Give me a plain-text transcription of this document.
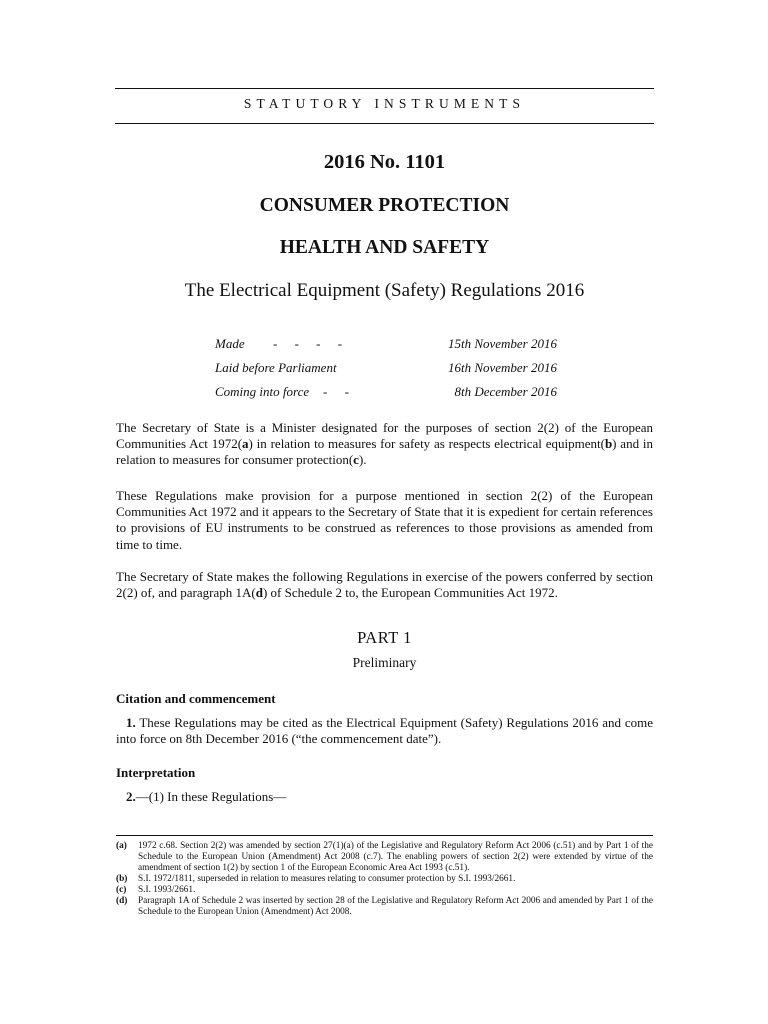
STATUTORY INSTRUMENTS
2016 No. 1101
CONSUMER PROTECTION
HEALTH AND SAFETY
The Electrical Equipment (Safety) Regulations 2016
Made - - - -	15th November 2016
Laid before Parliament	16th November 2016
Coming into force - -	8th December 2016
The Secretary of State is a Minister designated for the purposes of section 2(2) of the European Communities Act 1972(a) in relation to measures for safety as respects electrical equipment(b) and in relation to measures for consumer protection(c).
These Regulations make provision for a purpose mentioned in section 2(2) of the European Communities Act 1972 and it appears to the Secretary of State that it is expedient for certain references to provisions of EU instruments to be construed as references to those provisions as amended from time to time.
The Secretary of State makes the following Regulations in exercise of the powers conferred by section 2(2) of, and paragraph 1A(d) of Schedule 2 to, the European Communities Act 1972.
PART 1
Preliminary
Citation and commencement
1. These Regulations may be cited as the Electrical Equipment (Safety) Regulations 2016 and come into force on 8th December 2016 (“the commencement date”).
Interpretation
2.—(1) In these Regulations—
(a) 1972 c.68. Section 2(2) was amended by section 27(1)(a) of the Legislative and Regulatory Reform Act 2006 (c.51) and by Part 1 of the Schedule to the European Union (Amendment) Act 2008 (c.7). The enabling powers of section 2(2) were extended by virtue of the amendment of section 1(2) by section 1 of the European Economic Area Act 1993 (c.51).
(b) S.I. 1972/1811, superseded in relation to measures relating to consumer protection by S.I. 1993/2661.
(c) S.I. 1993/2661.
(d) Paragraph 1A of Schedule 2 was inserted by section 28 of the Legislative and Regulatory Reform Act 2006 and amended by Part 1 of the Schedule to the European Union (Amendment) Act 2008.
